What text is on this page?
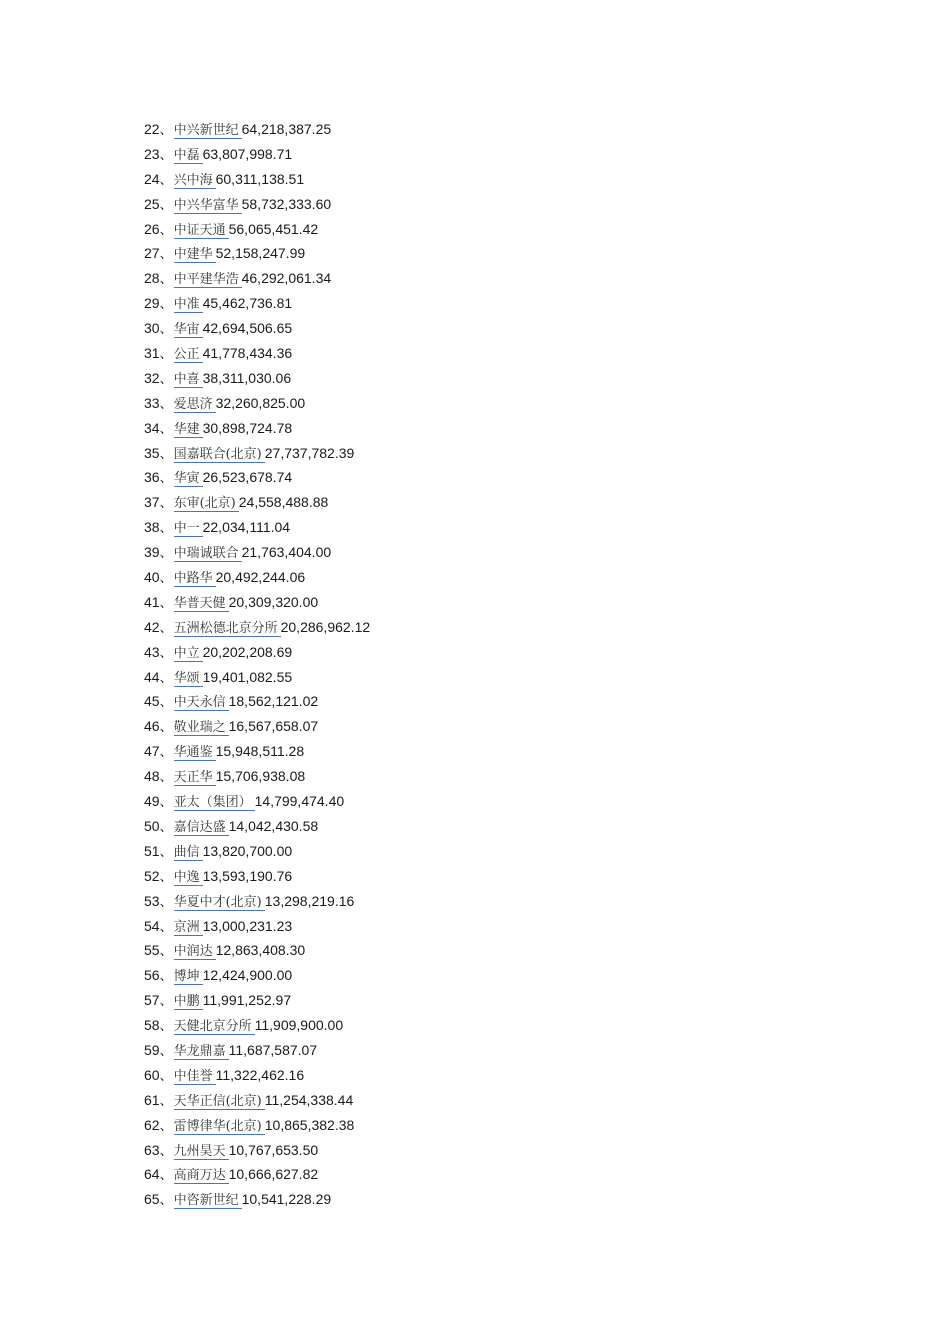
22、中兴新世纪 64,218,387.25
23、中磊 63,807,998.71
24、兴中海 60,311,138.51
25、中兴华富华 58,732,333.60
26、中证天通 56,065,451.42
27、中建华 52,158,247.99
28、中平建华浩 46,292,061.34
29、中准 45,462,736.81
30、华宙 42,694,506.65
31、公正 41,778,434.36
32、中喜 38,311,030.06
33、爱思济 32,260,825.00
34、华建 30,898,724.78
35、国嘉联合(北京) 27,737,782.39
36、华寅 26,523,678.74
37、东审(北京) 24,558,488.88
38、中一 22,034,111.04
39、中瑞诚联合 21,763,404.00
40、中路华 20,492,244.06
41、华普天健 20,309,320.00
42、五洲松德北京分所 20,286,962.12
43、中立 20,202,208.69
44、华颂 19,401,082.55
45、中天永信 18,562,121.02
46、敬业瑞之 16,567,658.07
47、华通鉴 15,948,511.28
48、天正华 15,706,938.08
49、亚太（集团） 14,799,474.40
50、嘉信达盛 14,042,430.58
51、曲信 13,820,700.00
52、中逸 13,593,190.76
53、华夏中才(北京) 13,298,219.16
54、京洲 13,000,231.23
55、中润达 12,863,408.30
56、博坤 12,424,900.00
57、中鹏 11,991,252.97
58、天健北京分所 11,909,900.00
59、华龙鼎嘉 11,687,587.07
60、中佳誉 11,322,462.16
61、天华正信(北京) 11,254,338.44
62、雷博律华(北京) 10,865,382.38
63、九州昊天 10,767,653.50
64、高商万达 10,666,627.82
65、中咨新世纪 10,541,228.29
